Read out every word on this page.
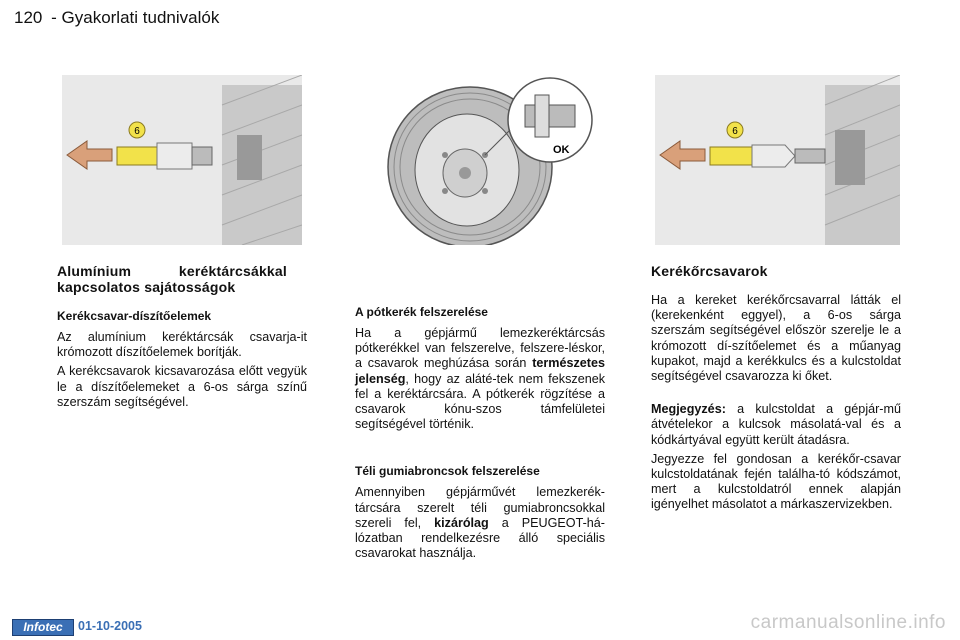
120 - Gyakorlati tudnivalók
6
OK
6
Alumínium keréktárcsákkal kapcsolatos sajátosságok
Kerékcsavar-díszítőelemek

Az alumínium keréktárcsák csavarja-it krómozott díszítőelemek borítják.

A kerékcsavarok kicsavarozása előtt vegyük le a díszítőelemeket a 6-os sárga színű szerszám segítségével.

A pótkerék felszerelése

Ha a gépjármű lemezkeréktárcsás pótkerékkel van felszerelve, felszere-léskor, a csavarok meghúzása során természetes jelenség, hogy az aláté-tek nem fekszenek fel a keréktárcsára. A pótkerék rögzítése a csavarok kónu-szos támfelületei segítségével történik.

Téli gumiabroncsok felszerelése

Amennyiben gépjárművét lemezkerék-tárcsára szerelt téli gumiabroncsokkal szereli fel, kizárólag a PEUGEOT-há-lózatban rendelkezésre álló speciális csavarokat használja.

Kerékőrcsavarok

Ha a kereket kerékőrcsavarral látták el (kerekenként eggyel), a 6-os sárga szerszám segítségével először szerelje le a krómozott dí-szítőelemet és a műanyag kupakot, majd a kerékkulcs és a kulcstoldat segítségével csavarozza ki őket.

Megjegyzés: a kulcstoldat a gépjár-mű átvételekor a kulcsok másolatá-val és a kódkártyával együtt került átadásra.

Jegyezze fel gondosan a kerékőr-csavar kulcstoldatának fején találha-tó kódszámot, mert a kulcstoldatról ennek alapján igényelhet másolatot a márkaszervizekben.

Infotec	01-10-2005	carmanualsonline.info
